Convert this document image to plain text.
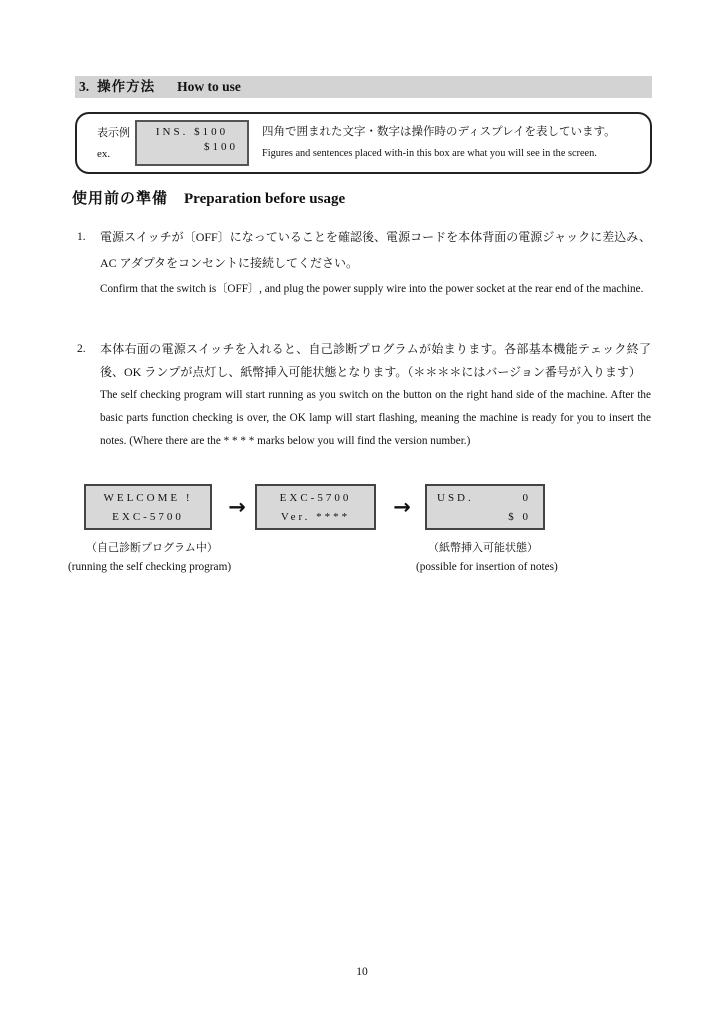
3. 操作方法 How to use
表示例
ex.
INS. $100
$100
四角で囲まれた文字・数字は操作時のディスプレイを表しています。
Figures and sentences placed with-in this box are what you will see in the screen.
使用前の準備 Preparation before usage
1. 電源スイッチが〔OFF〕になっていることを確認後、電源コードを本体背面の電源ジャックに差込み、AC アダプタをコンセントに接続してください。

Confirm that the switch is〔OFF〕, and plug the power supply wire into the power socket at the rear end of the machine.

2. 本体右面の電源スイッチを入れると、自己診断プログラムが始まります。各部基本機能テェック終了後、OK ランプが点灯し、紙幣挿入可能状態となります。（＊＊＊＊にはバージョン番号が入ります）

The self checking program will start running as you switch on the button on the right hand side of the machine. After the basic parts function checking is over, the OK lamp will start flashing, meaning the machine is ready for you to insert the notes. (Where there are the * * * * marks below you will find the version number.)

WELCOME !
EXC-5700	→	EXC-5700
Ver. ****	→	USD.	0
$ 0
（自己診断プログラム中）
(running the self checking program)
（紙幣挿入可能状態）
(possible for insertion of notes)
10
